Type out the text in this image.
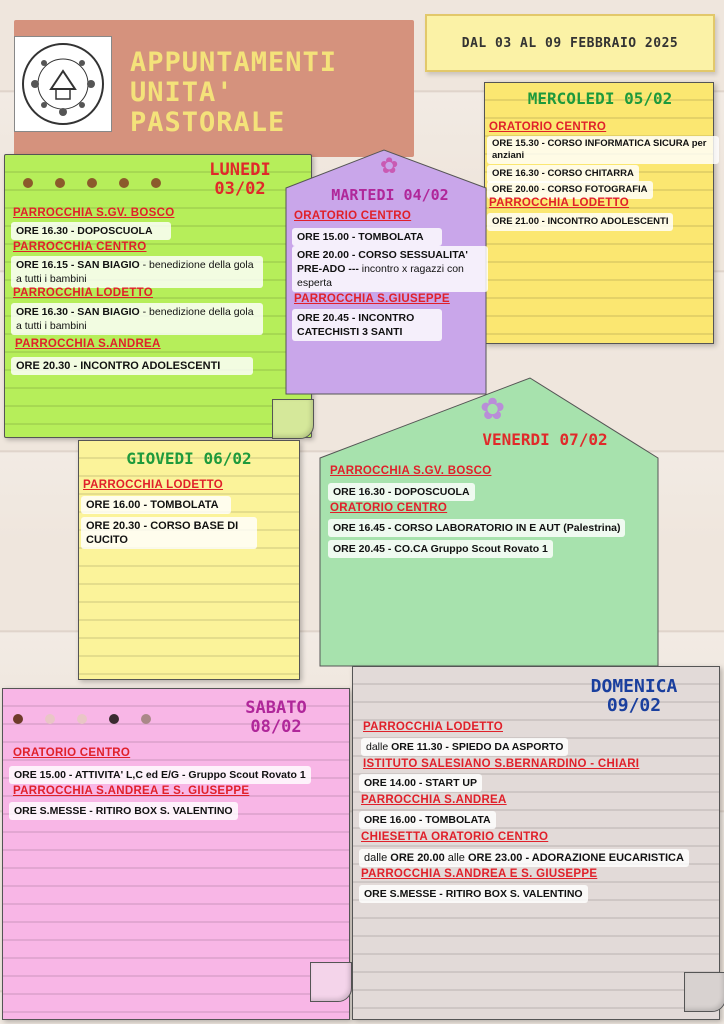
APPUNTAMENTI
UNITA'
PASTORALE
DAL 03 AL 09 FEBBRAIO 2025
LUNEDI
03/02
PARROCCHIA S.GV. BOSCO
ORE 16.30 - DOPOSCUOLA
PARROCCHIA CENTRO
ORE 16.15 - SAN BIAGIO - benedizione della gola a tutti i bambini
PARROCCHIA LODETTO
ORE 16.30 - SAN BIAGIO - benedizione della gola a tutti i bambini
PARROCCHIA S.ANDREA
ORE 20.30 - INCONTRO ADOLESCENTI
MERCOLEDI 05/02
ORATORIO CENTRO
ORE 15.30 - CORSO INFORMATICA SICURA per anziani
ORE 16.30 - CORSO CHITARRA
ORE 20.00 - CORSO FOTOGRAFIA
PARROCCHIA LODETTO
ORE 21.00 - INCONTRO ADOLESCENTI
✿
MARTEDI 04/02
ORATORIO CENTRO
ORE 15.00 - TOMBOLATA
ORE 20.00 - CORSO SESSUALITA' PRE-ADO --- incontro x ragazzi con esperta
PARROCCHIA S.GIUSEPPE
ORE 20.45 - INCONTRO CATECHISTI 3 SANTI
GIOVEDI 06/02
PARROCCHIA LODETTO
ORE 16.00 - TOMBOLATA
ORE 20.30 - CORSO BASE DI CUCITO
✿
VENERDI 07/02
PARROCCHIA S.GV. BOSCO
ORE 16.30 - DOPOSCUOLA
ORATORIO CENTRO
ORE 16.45 - CORSO LABORATORIO IN E AUT (Palestrina)
ORE 20.45 - CO.CA Gruppo Scout Rovato 1
SABATO
08/02
ORATORIO CENTRO
ORE 15.00 - ATTIVITA' L,C ed E/G - Gruppo Scout Rovato 1
PARROCCHIA S.ANDREA E S. GIUSEPPE
ORE S.MESSE - RITIRO BOX S. VALENTINO
DOMENICA
09/02
PARROCCHIA LODETTO
dalle ORE 11.30 - SPIEDO DA ASPORTO
ISTITUTO SALESIANO S.BERNARDINO - CHIARI
ORE 14.00 - START UP
PARROCCHIA S.ANDREA
ORE 16.00 - TOMBOLATA
CHIESETTA ORATORIO CENTRO
dalle ORE 20.00 alle ORE 23.00 - ADORAZIONE EUCARISTICA
PARROCCHIA S.ANDREA E S. GIUSEPPE
ORE S.MESSE - RITIRO BOX S. VALENTINO
